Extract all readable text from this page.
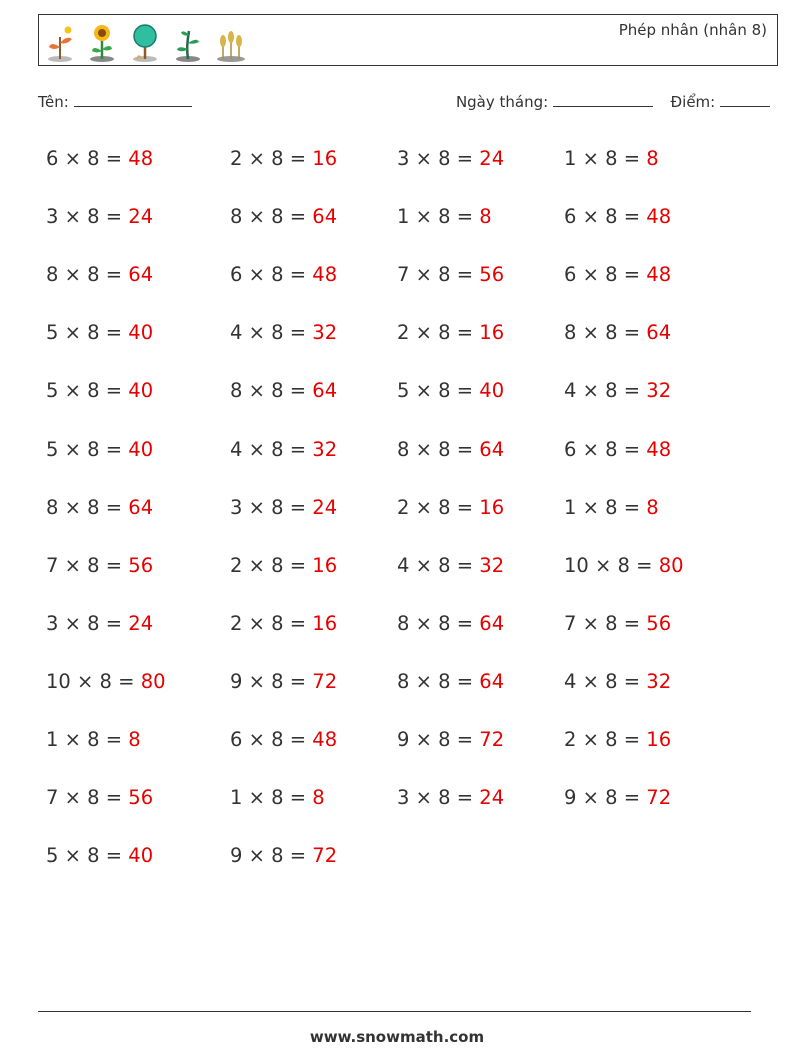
Phép nhân (nhân 8)
Tên:	Ngày tháng:	Điểm:
6 × 8 = 48
3 × 8 = 24
8 × 8 = 64
5 × 8 = 40
5 × 8 = 40
5 × 8 = 40
8 × 8 = 64
7 × 8 = 56
3 × 8 = 24
10 × 8 = 80
1 × 8 = 8
7 × 8 = 56
5 × 8 = 40
2 × 8 = 16
8 × 8 = 64
6 × 8 = 48
4 × 8 = 32
8 × 8 = 64
4 × 8 = 32
3 × 8 = 24
2 × 8 = 16
2 × 8 = 16
9 × 8 = 72
6 × 8 = 48
1 × 8 = 8
9 × 8 = 72
3 × 8 = 24
1 × 8 = 8
7 × 8 = 56
2 × 8 = 16
5 × 8 = 40
8 × 8 = 64
2 × 8 = 16
4 × 8 = 32
8 × 8 = 64
8 × 8 = 64
9 × 8 = 72
3 × 8 = 24
1 × 8 = 8
6 × 8 = 48
6 × 8 = 48
8 × 8 = 64
4 × 8 = 32
6 × 8 = 48
1 × 8 = 8
10 × 8 = 80
7 × 8 = 56
4 × 8 = 32
2 × 8 = 16
9 × 8 = 72
www.snowmath.com
